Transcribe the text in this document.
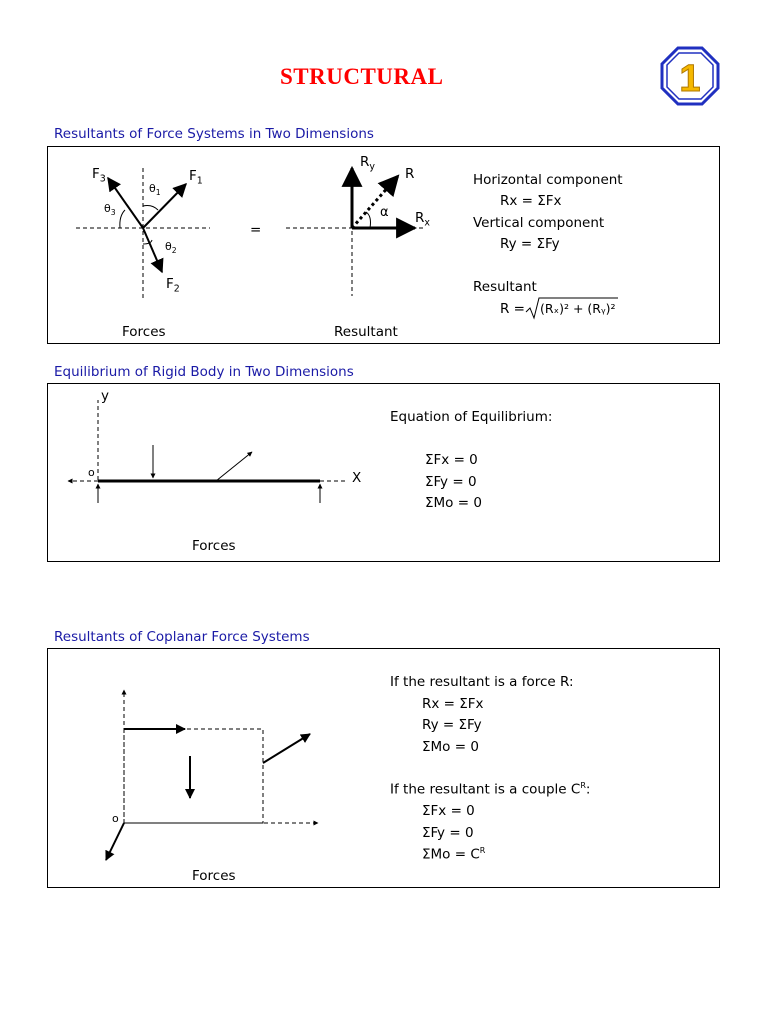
STRUCTURAL	1
Resultants of Force Systems in Two Dimensions
$F_3$	$F_1$
$F_2$
$\theta_1$
$\theta_3$
$\theta_2$
Forces
=
$R_y$ R
$R_x$
α
Resultant
Horizontal component
Rx = ΣFx
Vertical component
Ry = ΣFy
Resultant
R = (Rₓ)² + (Rᵧ)²
Equilibrium of Rigid Body in Two Dimensions
y
X
o
Forces
Equation of Equilibrium:
ΣFx = 0
ΣFy = 0
ΣMo = 0
Resultants of Coplanar Force Systems
o
Forces
If the resultant is a force R:
Rx = ΣFx
Ry = ΣFy
ΣMo = 0
If the resultant is a couple $C^R$:
ΣFx = 0
ΣFy = 0
$\Sigma Mo = C^R$
